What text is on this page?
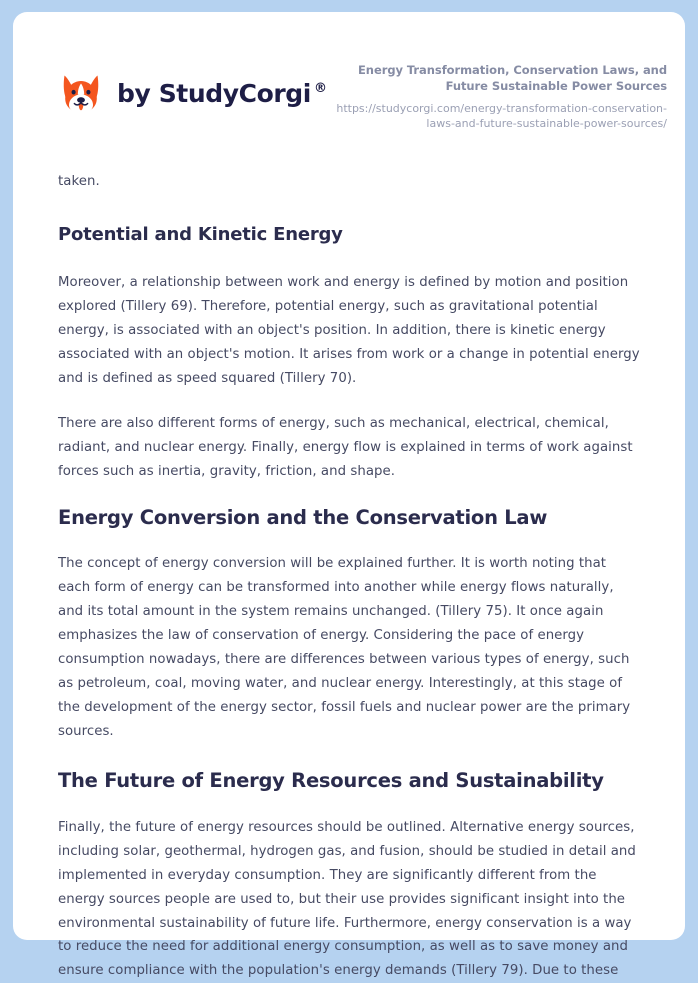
by StudyCorgi ®
Energy Transformation, Conservation Laws, and Future Sustainable Power Sources
https://studycorgi.com/energy-transformation-conservation-laws-and-future-sustainable-power-sources/

taken.

Potential and Kinetic Energy

Moreover, a relationship between work and energy is defined by motion and position explored (Tillery 69). Therefore, potential energy, such as gravitational potential energy, is associated with an object's position. In addition, there is kinetic energy associated with an object's motion. It arises from work or a change in potential energy and is defined as speed squared (Tillery 70).

There are also different forms of energy, such as mechanical, electrical, chemical, radiant, and nuclear energy. Finally, energy flow is explained in terms of work against forces such as inertia, gravity, friction, and shape.

Energy Conversion and the Conservation Law

The concept of energy conversion will be explained further. It is worth noting that each form of energy can be transformed into another while energy flows naturally, and its total amount in the system remains unchanged. (Tillery 75). It once again emphasizes the law of conservation of energy. Considering the pace of energy consumption nowadays, there are differences between various types of energy, such as petroleum, coal, moving water, and nuclear energy. Interestingly, at this stage of the development of the energy sector, fossil fuels and nuclear power are the primary sources.

The Future of Energy Resources and Sustainability

Finally, the future of energy resources should be outlined. Alternative energy sources, including solar, geothermal, hydrogen gas, and fusion, should be studied in detail and implemented in everyday consumption. They are significantly different from the energy sources people are used to, but their use provides significant insight into the environmental sustainability of future life. Furthermore, energy conservation is a way to reduce the need for additional energy consumption, as well as to save money and ensure compliance with the population's energy demands (Tillery 79). Due to these
